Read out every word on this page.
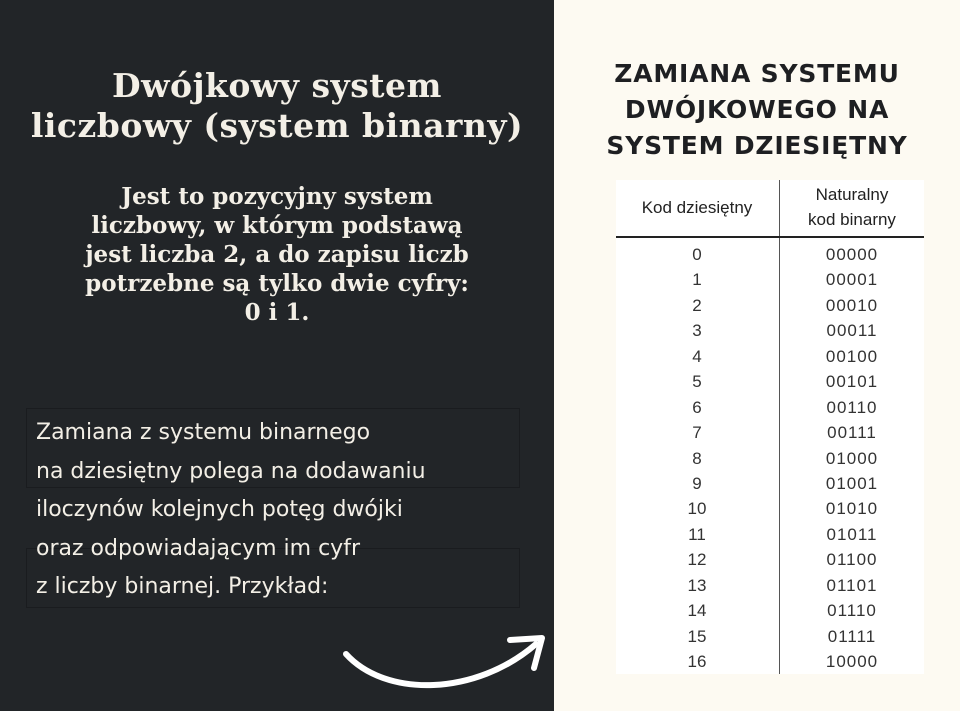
Dwójkowy system
liczbowy (system binarny)
Jest to pozycyjny system
liczbowy, w którym podstawą
jest liczba 2, a do zapisu liczb
potrzebne są tylko dwie cyfry:
0 i 1.
Zamiana z systemu binarnego
na dziesiętny polega na dodawaniu
iloczynów kolejnych potęg dwójki
oraz odpowiadającym im cyfr
z liczby binarnej. Przykład:
ZAMIANA SYSTEMU
DWÓJKOWEGO NA
SYSTEM DZIESIĘTNY
Kod dziesiętny
Naturalny
kod binarny
0	00000
1	00001
2	00010
3	00011
4	00100
5	00101
6	00110
7	00111
8	01000
9	01001
10	01010
11	01011
12	01100
13	01101
14	01110
15	01111
16	10000
